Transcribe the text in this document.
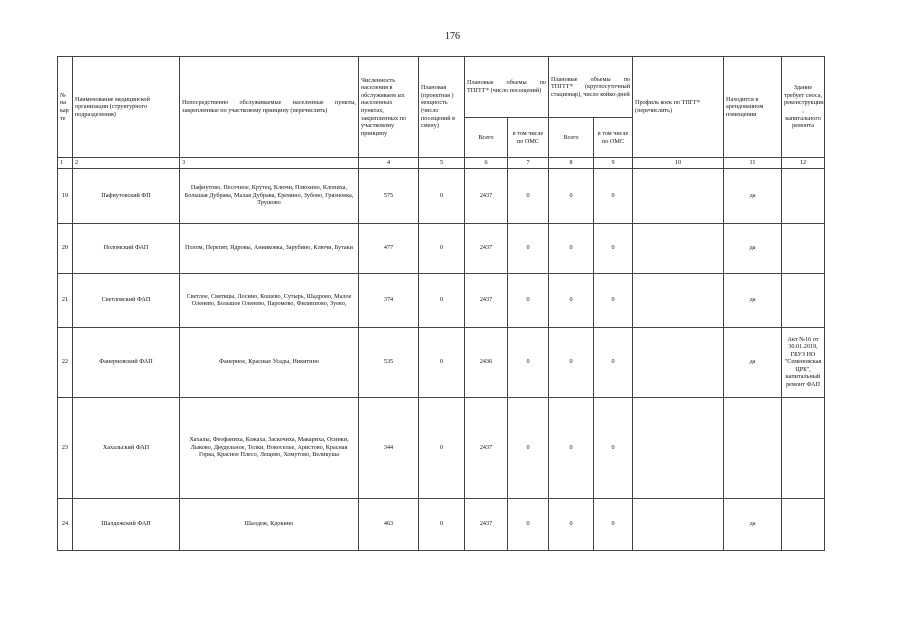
176
№ на кар те	Наименование медицинской организации (структурного подразделения)	Непосредственно обслуживаемые населенные пункты, закрепленные по участковому принципу (перечислить)	Численность населения в обслуживаем ых населенных пунктах, закрепленных по участковому принципу	Плановая (проектная ) мощность (число посещений в смену)	Плановые объемы по ТПГГГ* (число посещений)		Плановые объемы по ТПГГГ* (круглосуточный стационар), число койко-дней		Профиль коек по ТПГГ* (перечислить)	Находится в арендованном помещении	Здание требует сноса, реконструкции , капитального ремонта
					Всего	в том числе по ОМС	Всего	в том числе по ОМС			
1	2	3	4	5	6	7	8	9	10	11	12
19	Пафнутовский ФП	Пафнутово, Песочное, Крутец, Ключи, Плюхино, Клопиха, Большая Дубрава, Малая Дубрава, Еремино, Зубово, Грязновка, Трушово	575	0	2437	0	0	0		да	
20	Поломский ФАП	Полом, Перепят, Ядровы, Анниковка, Зарубино, Ключи, Бутаки	477	0	2437	0	0	0		да	
21	Светловский ФАП	Светлое, Святицы, Лосино, Кошево, Сутырь, Шадрово, Малое Оленево, Большое Оленево, Паромово, Филиппово, Зуево,	374	0	2437	0	0	0		да	
22	Фанерновский ФАП	Фанерное, Красные Усады, Никитино	535	0	2436	0	0	0		да	Акт №16 от 30.01.2019, ГБУЗ НО "Семеновская ЦРБ", капитальный ремонт ФАП
23	Хахальский ФАП	Хахалы, Феофаниха, Кожаха, Заскочиха, Макариха, Осинки, Лыково, Двудельное, Телки, Новоселье, Аристово, Красная Горка, Красное Плесо, Лещево, Хомутово, Великуша	344	0	2437	0	0	0			
24	Шалдежский ФАП	Шалдеж, Кдокино	463	0	2437	0	0	0		да	
